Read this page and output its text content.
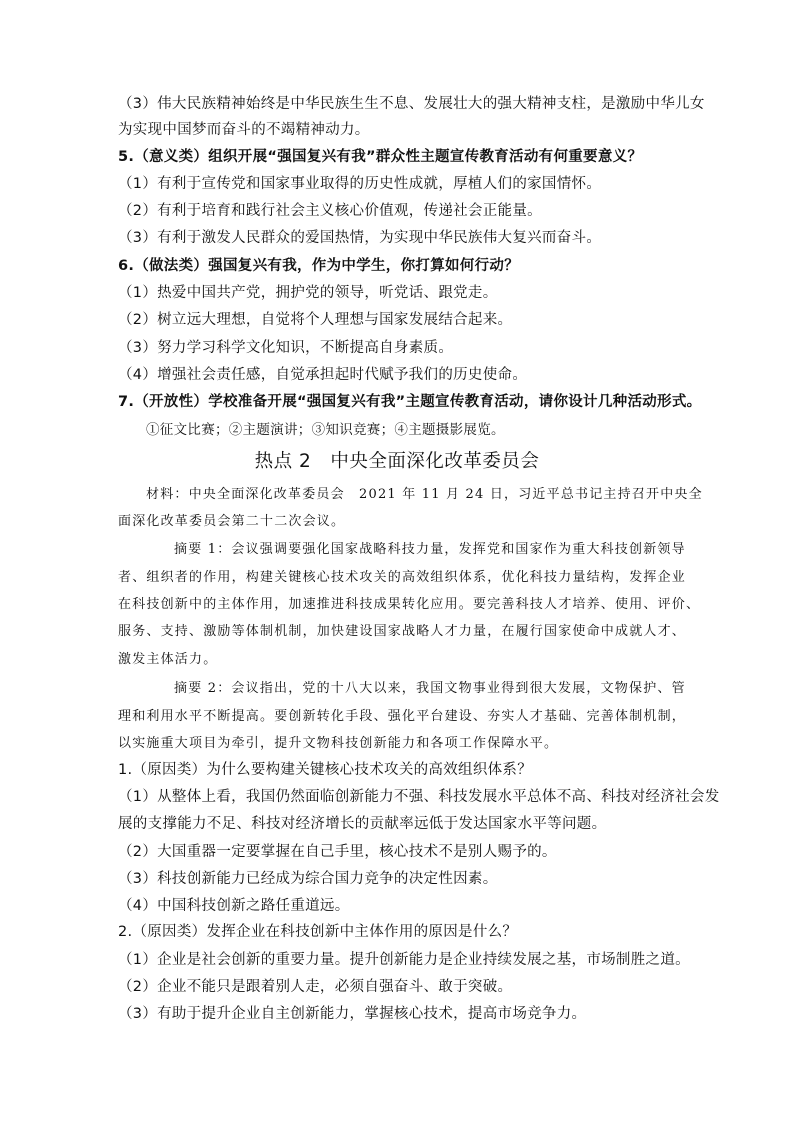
（3）伟大民族精神始终是中华民族生生不息、发展壮大的强大精神支柱，是激励中华儿女
为实现中国梦而奋斗的不竭精神动力。
5.（意义类）组织开展“强国复兴有我”群众性主题宣传教育活动有何重要意义？
（1）有利于宣传党和国家事业取得的历史性成就，厚植人们的家国情怀。
（2）有利于培育和践行社会主义核心价值观，传递社会正能量。
（3）有利于激发人民群众的爱国热情，为实现中华民族伟大复兴而奋斗。
6.（做法类）强国复兴有我，作为中学生，你打算如何行动？
（1）热爱中国共产党，拥护党的领导，听党话、跟党走。
（2）树立远大理想，自觉将个人理想与国家发展结合起来。
（3）努力学习科学文化知识，不断提高自身素质。
（4）增强社会责任感，自觉承担起时代赋予我们的历史使命。
7.（开放性）学校准备开展“强国复兴有我”主题宣传教育活动，请你设计几种活动形式。
①征文比赛；②主题演讲；③知识竞赛；④主题摄影展览。
热点 2　中央全面深化改革委员会
材料：中央全面深化改革委员会　2021 年 11 月 24 日，习近平总书记主持召开中央全
面深化改革委员会第二十二次会议。
摘要 1：会议强调要强化国家战略科技力量，发挥党和国家作为重大科技创新领导
者、组织者的作用，构建关键核心技术攻关的高效组织体系，优化科技力量结构，发挥企业
在科技创新中的主体作用，加速推进科技成果转化应用。要完善科技人才培养、使用、评价、
服务、支持、激励等体制机制，加快建设国家战略人才力量，在履行国家使命中成就人才、
激发主体活力。
摘要 2：会议指出，党的十八大以来，我国文物事业得到很大发展，文物保护、管
理和利用水平不断提高。要创新转化手段、强化平台建设、夯实人才基础、完善体制机制，
以实施重大项目为牵引，提升文物科技创新能力和各项工作保障水平。
1.（原因类）为什么要构建关键核心技术攻关的高效组织体系？
（1）从整体上看，我国仍然面临创新能力不强、科技发展水平总体不高、科技对经济社会发
展的支撑能力不足、科技对经济增长的贡献率远低于发达国家水平等问题。
（2）大国重器一定要掌握在自己手里，核心技术不是别人赐予的。
（3）科技创新能力已经成为综合国力竞争的决定性因素。
（4）中国科技创新之路任重道远。
2.（原因类）发挥企业在科技创新中主体作用的原因是什么？
（1）企业是社会创新的重要力量。提升创新能力是企业持续发展之基，市场制胜之道。
（2）企业不能只是跟着别人走，必须自强奋斗、敢于突破。
（3）有助于提升企业自主创新能力，掌握核心技术，提高市场竞争力。
